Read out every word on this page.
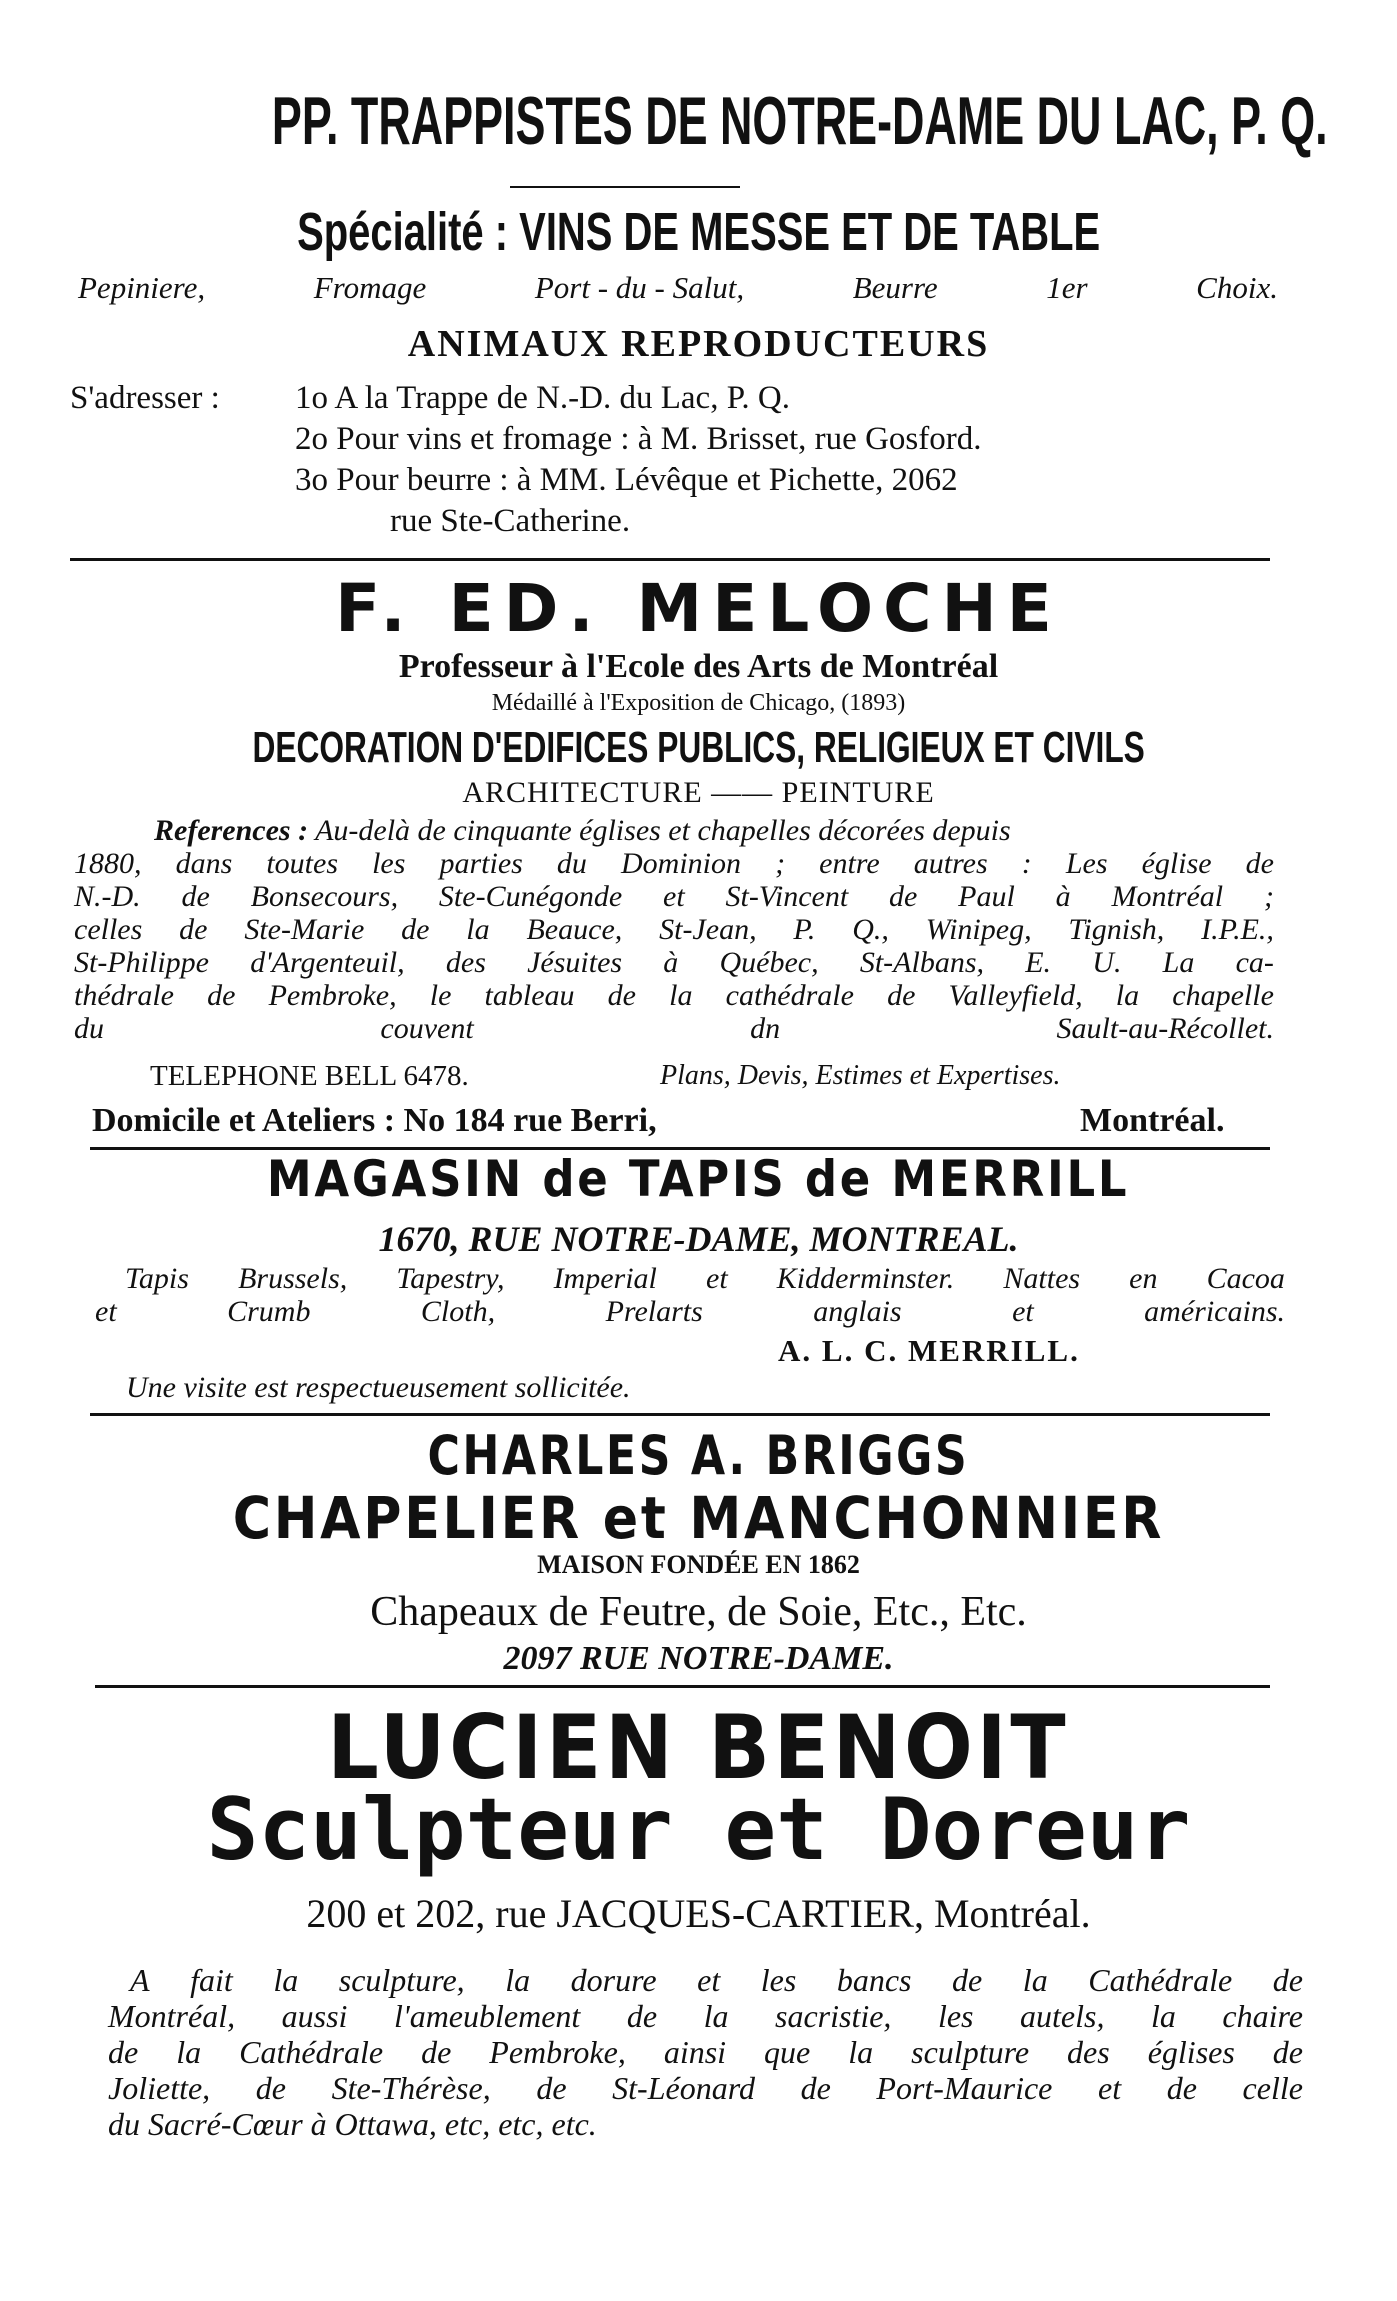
PP. TRAPPISTES DE NOTRE-DAME DU LAC, P. Q.
Spécialité : VINS DE MESSE ET DE TABLE
Pepiniere,	Fromage	Port - du - Salut,	Beurre	1er	Choix.
ANIMAUX REPRODUCTEURS
S'adresser : 1o A la Trappe de N.-D. du Lac, P. Q.
2o Pour vins et fromage : à M. Brisset, rue Gosford.
3o Pour beurre : à MM. Lévêque et Pichette, 2062
rue Ste-Catherine.
F. ED. MELOCHE
Professeur à l'Ecole des Arts de Montréal
Médaillé à l'Exposition de Chicago, (1893)
DECORATION D'EDIFICES PUBLICS, RELIGIEUX ET CIVILS
ARCHITECTURE —— PEINTURE
References : Au-delà de cinquante églises et chapelles décorées depuis
1880, dans toutes les parties du Dominion ; entre autres : Les église de
N.-D. de Bonsecours, Ste-Cunégonde et St-Vincent de Paul à Montréal ;
celles de Ste-Marie de la Beauce, St-Jean, P. Q., Winipeg, Tignish, I.P.E.,
St-Philippe d'Argenteuil, des Jésuites à Québec, St-Albans, E. U. La ca-
thédrale de Pembroke, le tableau de la cathédrale de Valleyfield, la chapelle
du	couvent	dn	Sault-au-Récollet.
TELEPHONE BELL 6478.	Plans, Devis, Estimes et Expertises.
Domicile et Ateliers : No 184 rue Berri,	Montréal.
MAGASIN de TAPIS de MERRILL
1670, RUE NOTRE-DAME, MONTREAL.
Tapis Brussels, Tapestry, Imperial et Kidderminster. Nattes en Cacoa
et	Crumb	Cloth,	Prelarts	anglais	et	américains.
A. L. C. MERRILL.
Une visite est respectueusement sollicitée.
CHARLES A. BRIGGS
CHAPELIER et MANCHONNIER
MAISON FONDÉE EN 1862
Chapeaux de Feutre, de Soie, Etc., Etc.
2097 RUE NOTRE-DAME.
LUCIEN BENOIT
Sculpteur et Doreur
200 et 202, rue JACQUES-CARTIER, Montréal.
A fait la sculpture, la dorure et les bancs de la Cathédrale de
Montréal, aussi l'ameublement de la sacristie, les autels, la chaire
de la Cathédrale de Pembroke, ainsi que la sculpture des églises de
Joliette, de Ste-Thérèse, de St-Léonard de Port-Maurice et de celle
du Sacré-Cœur à Ottawa, etc, etc, etc.
